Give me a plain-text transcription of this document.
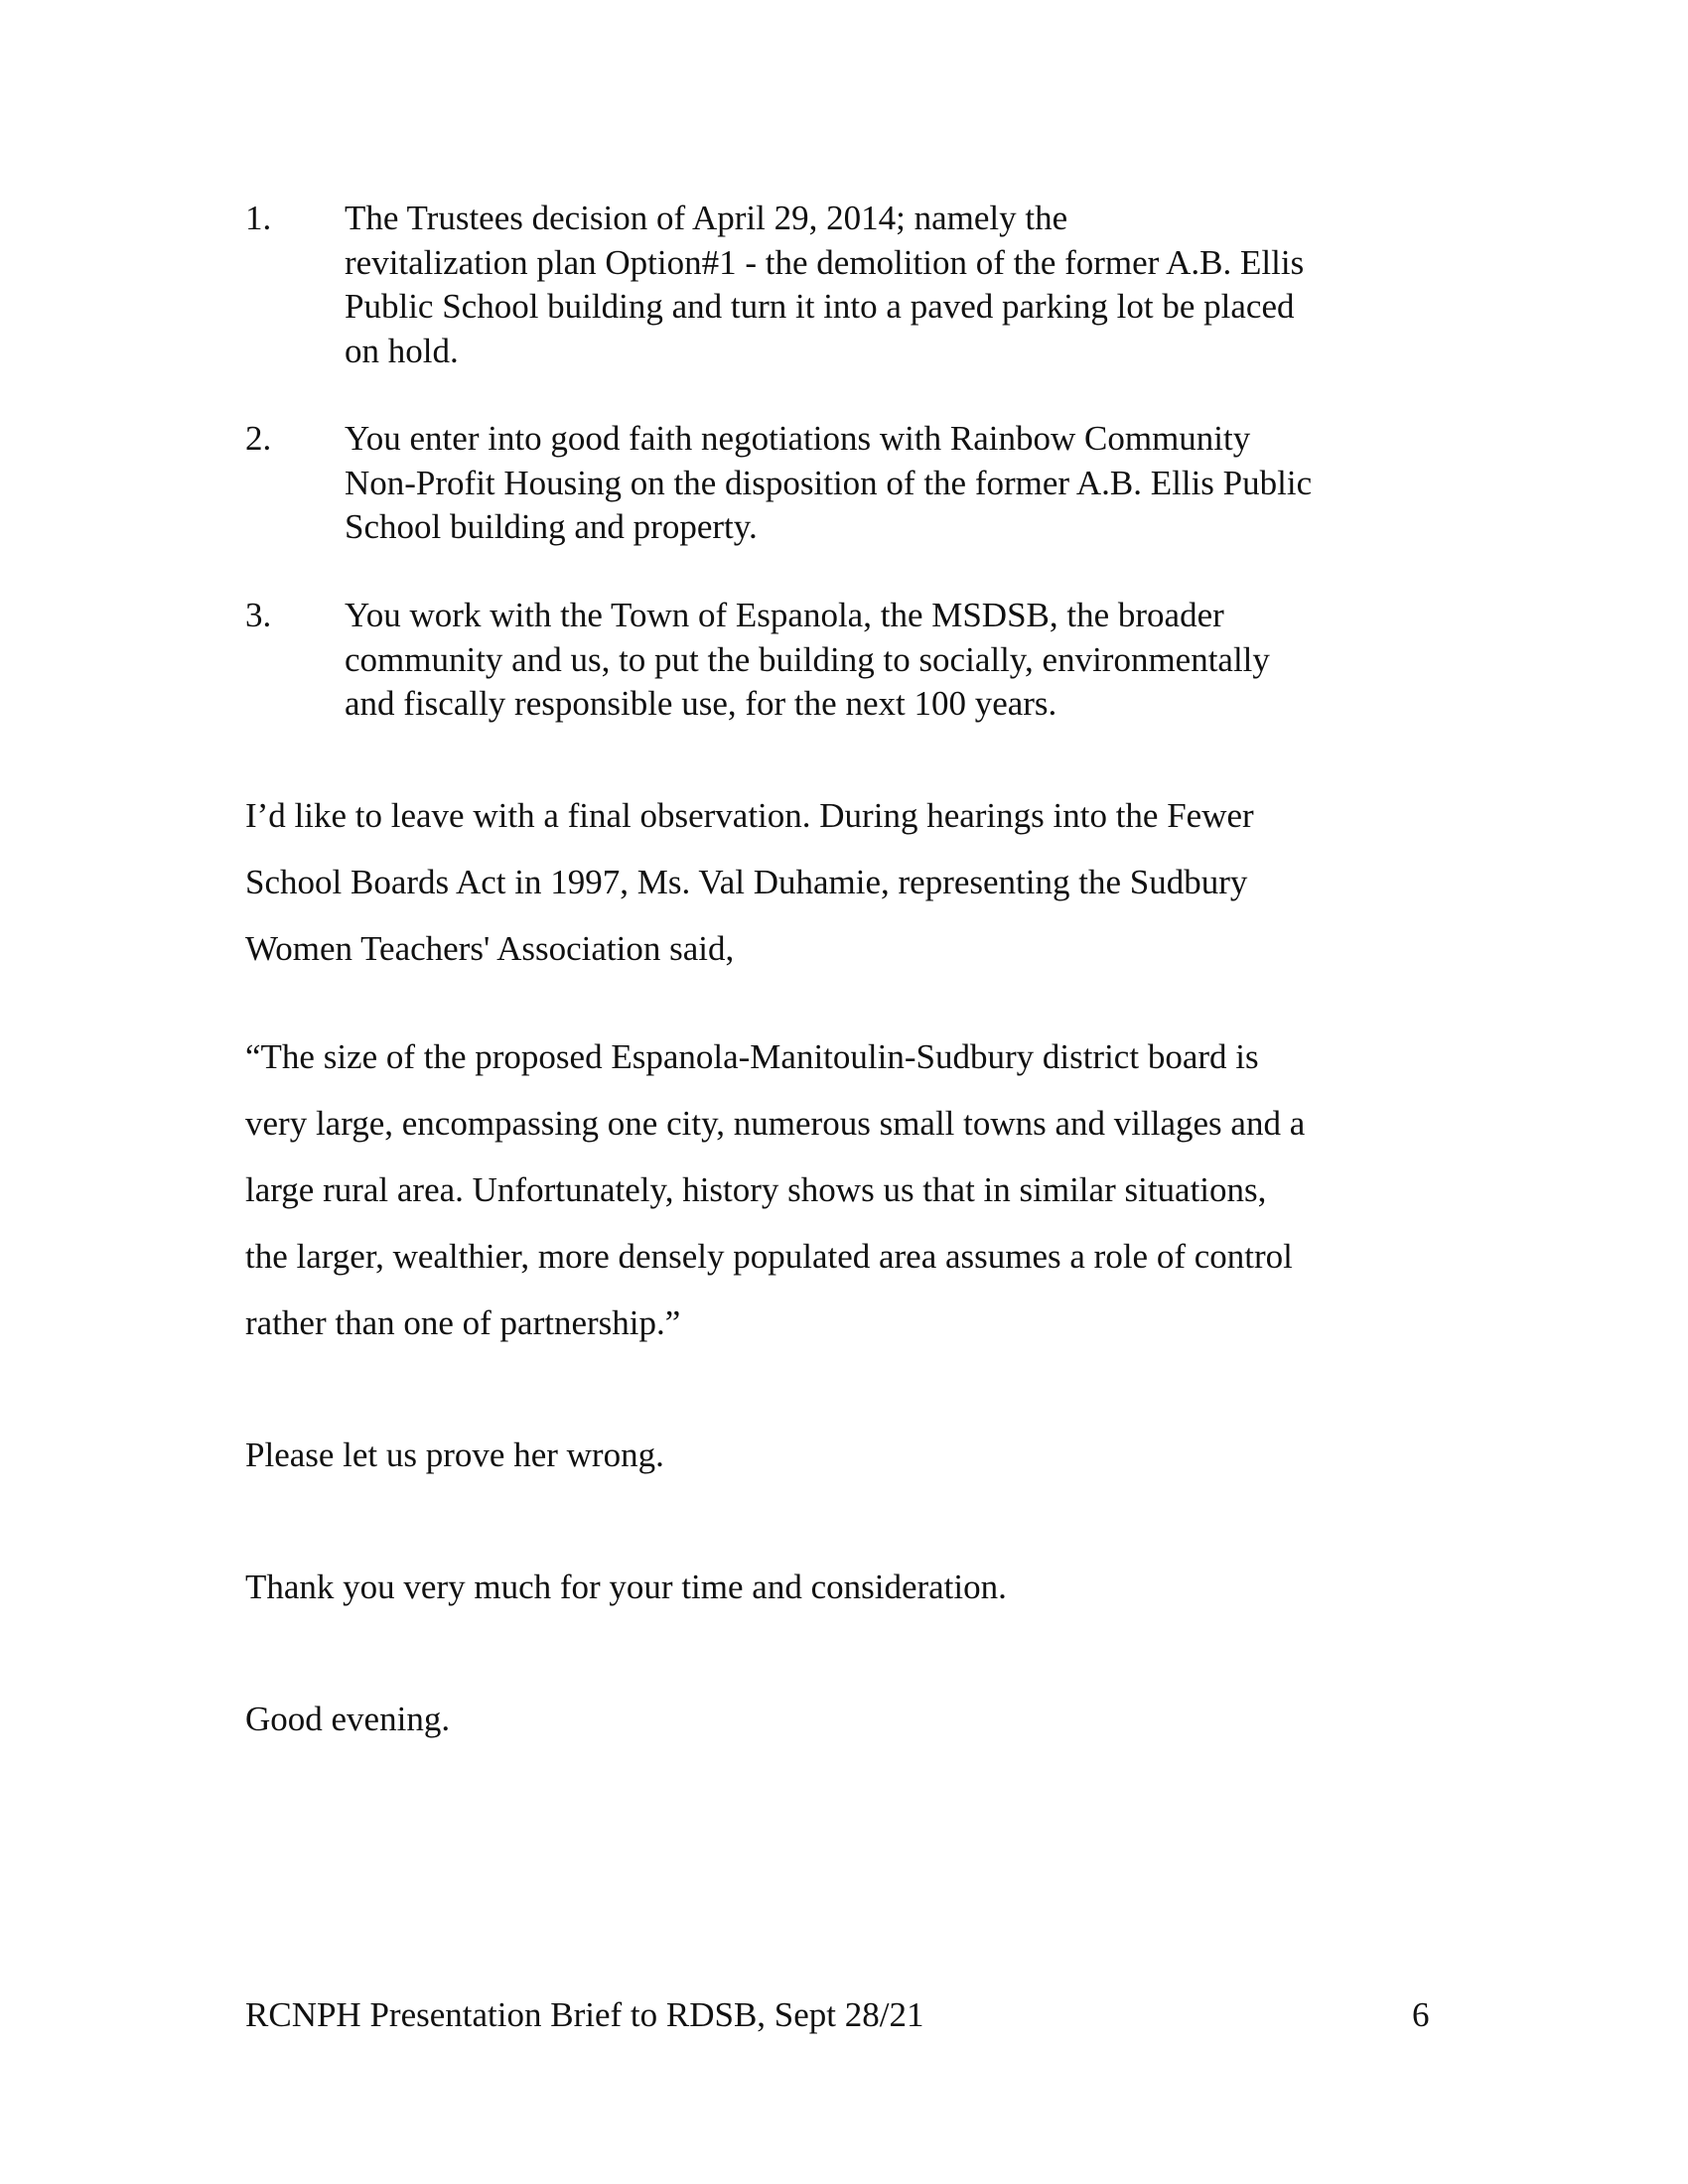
1. The Trustees decision of April 29, 2014; namely the
revitalization plan Option#1 - the demolition of the former A.B. Ellis
Public School building and turn it into a paved parking lot be placed
on hold.
2. You enter into good faith negotiations with Rainbow Community
Non-Profit Housing on the disposition of the former A.B. Ellis Public
School building and property.
3. You work with the Town of Espanola, the MSDSB, the broader
community and us, to put the building to socially, environmentally
and fiscally responsible use, for the next 100 years.
I’d like to leave with a final observation. During hearings into the Fewer
School Boards Act in 1997, Ms. Val Duhamie, representing the Sudbury
Women Teachers' Association said,
“The size of the proposed Espanola-Manitoulin-Sudbury district board is
very large, encompassing one city, numerous small towns and villages and a
large rural area. Unfortunately, history shows us that in similar situations,
the larger, wealthier, more densely populated area assumes a role of control
rather than one of partnership.”
Please let us prove her wrong.
Thank you very much for your time and consideration.
Good evening.
RCNPH Presentation Brief to RDSB, Sept 28/21	6
